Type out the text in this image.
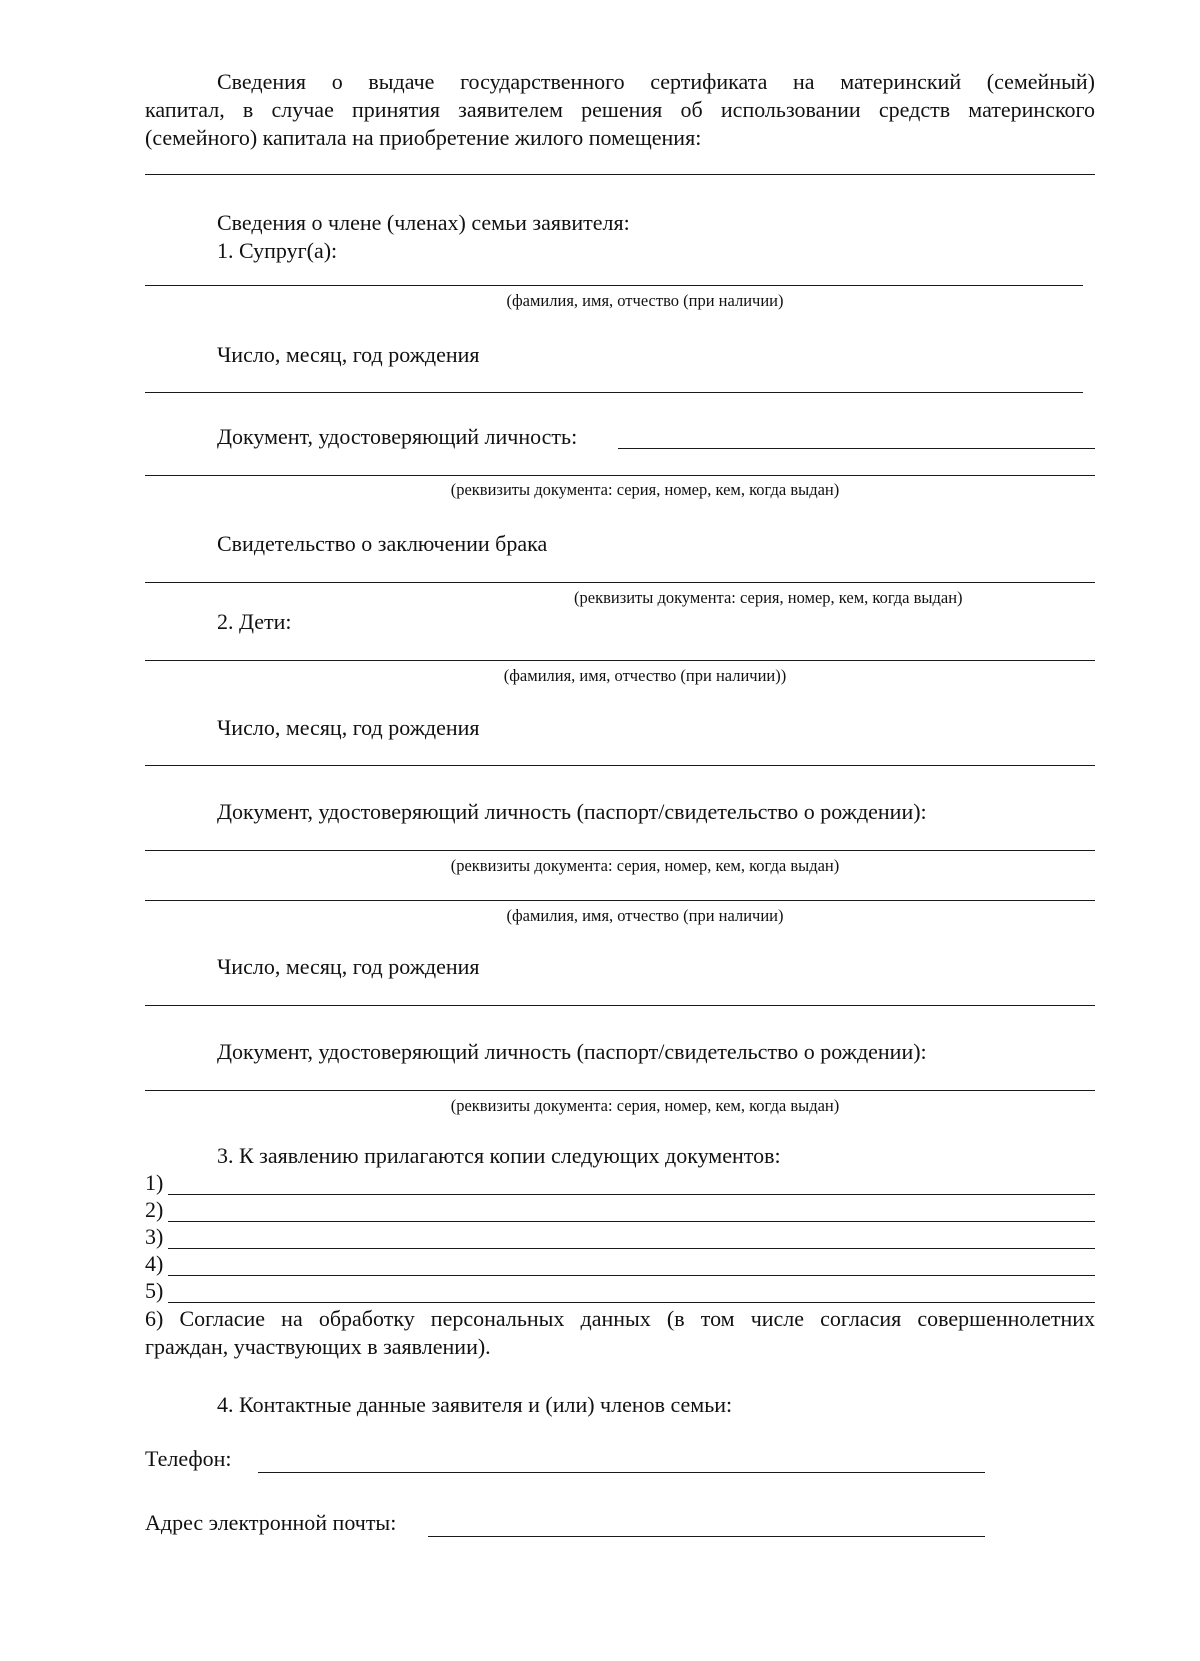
Сведения о выдаче государственного сертификата на материнский (семейный)
капитал, в случае принятия заявителем решения об использовании средств материнского
(семейного) капитала на приобретение жилого помещения:
Сведения о члене (членах) семьи заявителя:
1. Супруг(а):
(фамилия, имя, отчество (при наличии)
Число, месяц, год рождения
Документ, удостоверяющий личность:
(реквизиты документа: серия, номер, кем, когда выдан)
Свидетельство о заключении брака
(реквизиты документа: серия, номер, кем, когда выдан)
2. Дети:
(фамилия, имя, отчество (при наличии))
Число, месяц, год рождения
Документ, удостоверяющий личность (паспорт/свидетельство о рождении):
(реквизиты документа: серия, номер, кем, когда выдан)
(фамилия, имя, отчество (при наличии)
Число, месяц, год рождения
Документ, удостоверяющий личность (паспорт/свидетельство о рождении):
(реквизиты документа: серия, номер, кем, когда выдан)
3. К заявлению прилагаются копии следующих документов:
1)
2)
3)
4)
5)
6) Согласие на обработку персональных данных (в том числе согласия совершеннолетних
граждан, участвующих в заявлении).
4. Контактные данные заявителя и (или) членов семьи:
Телефон:
Адрес электронной почты:
